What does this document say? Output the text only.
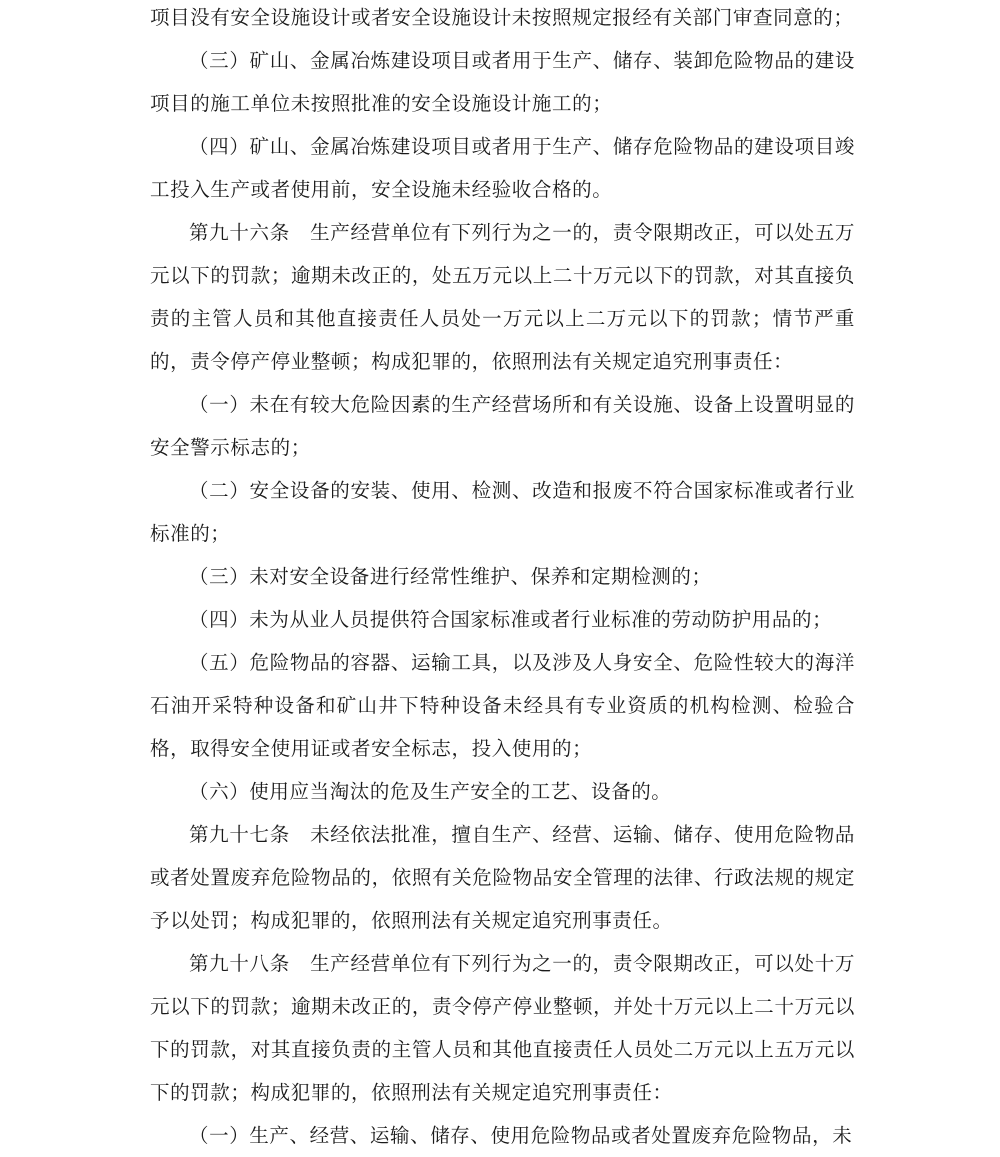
项目没有安全设施设计或者安全设施设计未按照规定报经有关部门审查同意的；

（三）矿山、金属冶炼建设项目或者用于生产、储存、装卸危险物品的建设项目的施工单位未按照批准的安全设施设计施工的；

（四）矿山、金属冶炼建设项目或者用于生产、储存危险物品的建设项目竣工投入生产或者使用前，安全设施未经验收合格的。

第九十六条　生产经营单位有下列行为之一的，责令限期改正，可以处五万元以下的罚款；逾期未改正的，处五万元以上二十万元以下的罚款，对其直接负责的主管人员和其他直接责任人员处一万元以上二万元以下的罚款；情节严重的，责令停产停业整顿；构成犯罪的，依照刑法有关规定追究刑事责任：

（一）未在有较大危险因素的生产经营场所和有关设施、设备上设置明显的安全警示标志的；

（二）安全设备的安装、使用、检测、改造和报废不符合国家标准或者行业标准的；

（三）未对安全设备进行经常性维护、保养和定期检测的；

（四）未为从业人员提供符合国家标准或者行业标准的劳动防护用品的；

（五）危险物品的容器、运输工具，以及涉及人身安全、危险性较大的海洋石油开采特种设备和矿山井下特种设备未经具有专业资质的机构检测、检验合格，取得安全使用证或者安全标志，投入使用的；

（六）使用应当淘汰的危及生产安全的工艺、设备的。

第九十七条　未经依法批准，擅自生产、经营、运输、储存、使用危险物品或者处置废弃危险物品的，依照有关危险物品安全管理的法律、行政法规的规定予以处罚；构成犯罪的，依照刑法有关规定追究刑事责任。

第九十八条　生产经营单位有下列行为之一的，责令限期改正，可以处十万元以下的罚款；逾期未改正的，责令停产停业整顿，并处十万元以上二十万元以下的罚款，对其直接负责的主管人员和其他直接责任人员处二万元以上五万元以下的罚款；构成犯罪的，依照刑法有关规定追究刑事责任：

（一）生产、经营、运输、储存、使用危险物品或者处置废弃危险物品，未
